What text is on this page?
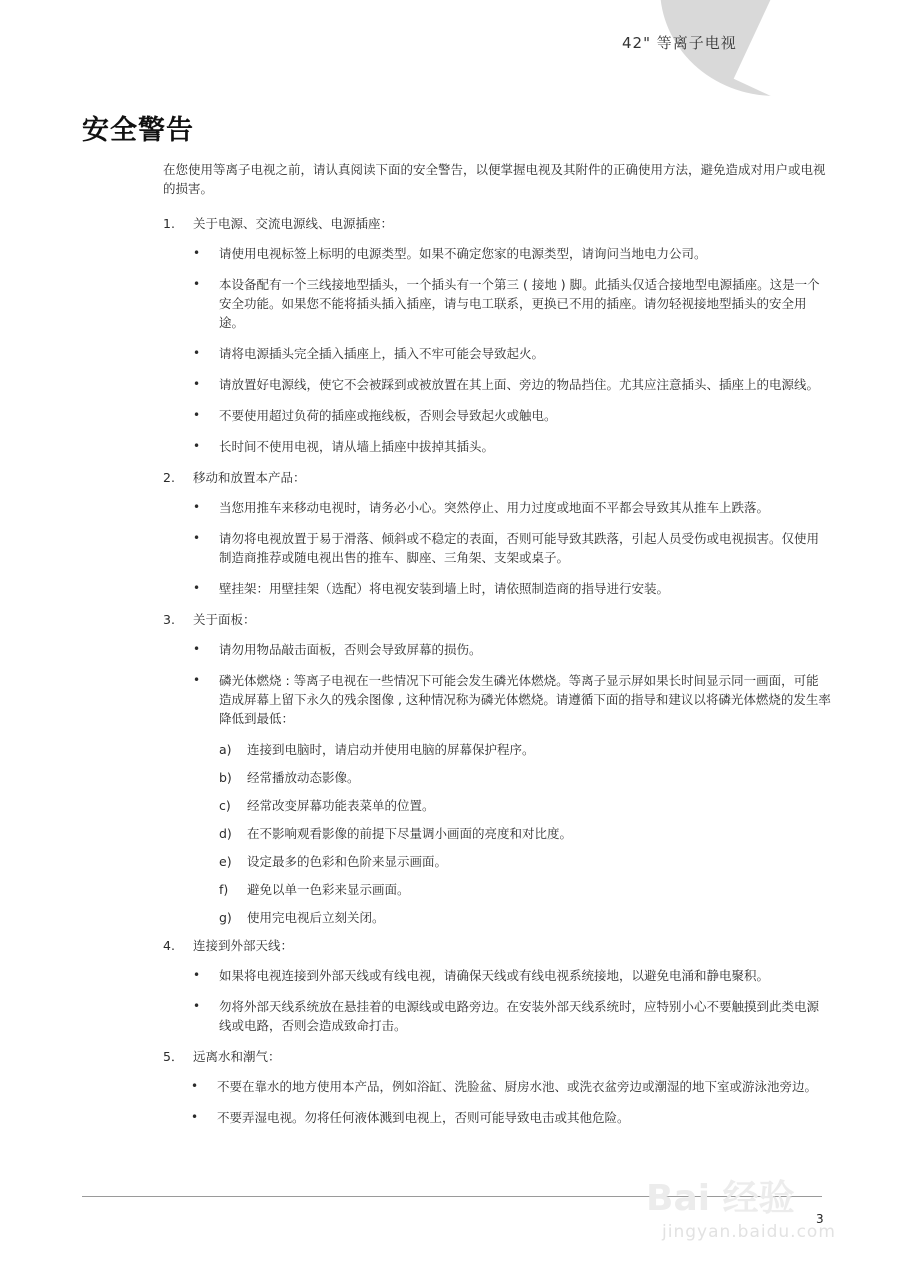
42" 等离子电视
安全警告

在您使用等离子电视之前，请认真阅读下面的安全警告，以便掌握电视及其附件的正确使用方法，避免造成对用户或电视的损害。

1.	关于电源、交流电源线、电源插座：
•	请使用电视标签上标明的电源类型。如果不确定您家的电源类型，请询问当地电力公司。
•	本设备配有一个三线接地型插头，一个插头有一个第三 ( 接地 ) 脚。此插头仅适合接地型电源插座。这是一个安全功能。如果您不能将插头插入插座，请与电工联系，更换已不用的插座。请勿轻视接地型插头的安全用途。
•	请将电源插头完全插入插座上，插入不牢可能会导致起火。
•	请放置好电源线，使它不会被踩到或被放置在其上面、旁边的物品挡住。尤其应注意插头、插座上的电源线。
•	不要使用超过负荷的插座或拖线板，否则会导致起火或触电。
•	长时间不使用电视，请从墙上插座中拔掉其插头。
2.	移动和放置本产品：
•	当您用推车来移动电视时，请务必小心。突然停止、用力过度或地面不平都会导致其从推车上跌落。
•	请勿将电视放置于易于滑落、倾斜或不稳定的表面，否则可能导致其跌落，引起人员受伤或电视损害。仅使用制造商推荐或随电视出售的推车、脚座、三角架、支架或桌子。
•	壁挂架：用壁挂架（选配）将电视安装到墙上时，请依照制造商的指导进行安装。
3.	关于面板：
•	请勿用物品敲击面板，否则会导致屏幕的损伤。
•	磷光体燃烧 : 等离子电视在一些情况下可能会发生磷光体燃烧。等离子显示屏如果长时间显示同一画面，可能造成屏幕上留下永久的残余图像 , 这种情况称为磷光体燃烧。请遵循下面的指导和建议以将磷光体燃烧的发生率降低到最低：
a)	连接到电脑时，请启动并使用电脑的屏幕保护程序。
b)	经常播放动态影像。
c)	经常改变屏幕功能表菜单的位置。
d)	在不影响观看影像的前提下尽量调小画面的亮度和对比度。
e)	设定最多的色彩和色阶来显示画面。
f)	避免以单一色彩来显示画面。
g)	使用完电视后立刻关闭。
4.	连接到外部天线：
•	如果将电视连接到外部天线或有线电视，请确保天线或有线电视系统接地，以避免电涌和静电聚积。
•	勿将外部天线系统放在悬挂着的电源线或电路旁边。在安装外部天线系统时，应特别小心不要触摸到此类电源线或电路，否则会造成致命打击。
5． 远离水和潮气：
•	不要在靠水的地方使用本产品，例如浴缸、洗脸盆、厨房水池、或洗衣盆旁边或潮湿的地下室或游泳池旁边。
•	不要弄湿电视。勿将任何液体溅到电视上，否则可能导致电击或其他危险。
3
Bai 经验
jingyan.baidu.com
